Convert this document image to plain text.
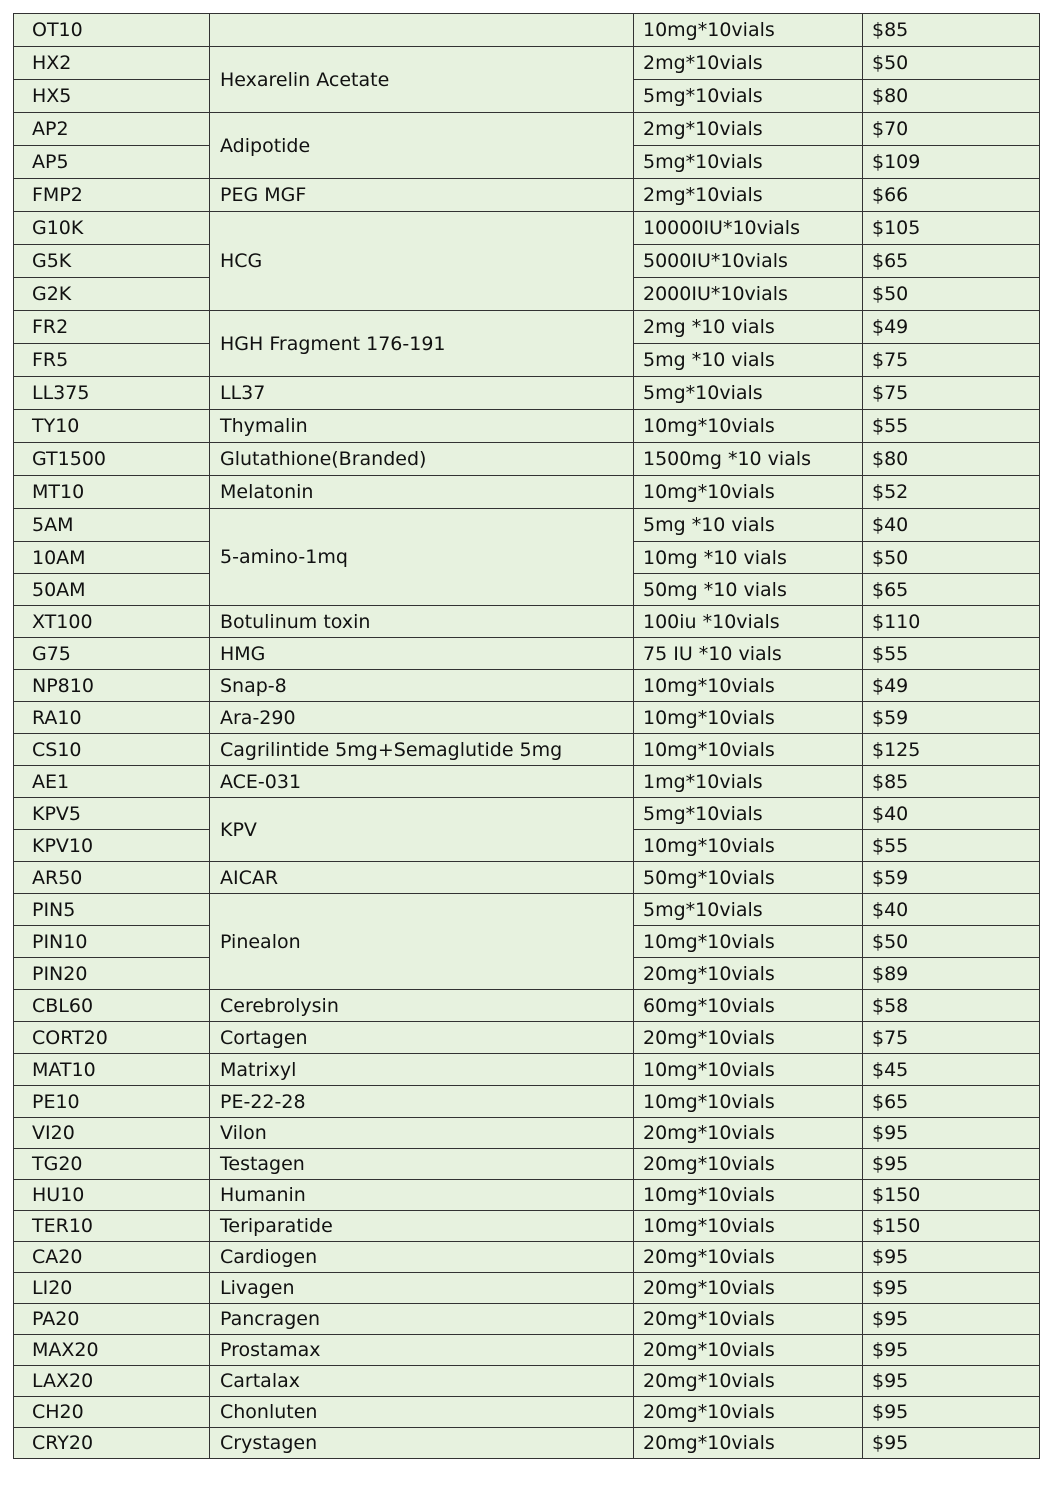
OT10		10mg*10vials	$85
HX2	Hexarelin Acetate	2mg*10vials	$50
HX5		5mg*10vials	$80
AP2	Adipotide	2mg*10vials	$70
AP5		5mg*10vials	$109
FMP2	PEG MGF	2mg*10vials	$66
G10K	HCG	10000IU*10vials	$105
G5K		5000IU*10vials	$65
G2K		2000IU*10vials	$50
FR2	HGH Fragment 176-191	2mg *10 vials	$49
FR5		5mg *10 vials	$75
LL375	LL37	5mg*10vials	$75
TY10	Thymalin	10mg*10vials	$55
GT1500	Glutathione(Branded)	1500mg *10 vials	$80
MT10	Melatonin	10mg*10vials	$52
5AM	5-amino-1mq	5mg *10 vials	$40
10AM		10mg *10 vials	$50
50AM		50mg *10 vials	$65
XT100	Botulinum toxin	100iu *10vials	$110
G75	HMG	75 IU *10 vials	$55
NP810	Snap-8	10mg*10vials	$49
RA10	Ara-290	10mg*10vials	$59
CS10	Cagrilintide 5mg+Semaglutide 5mg	10mg*10vials	$125
AE1	ACE-031	1mg*10vials	$85
KPV5	KPV	5mg*10vials	$40
KPV10		10mg*10vials	$55
AR50	AICAR	50mg*10vials	$59
PIN5	Pinealon	5mg*10vials	$40
PIN10		10mg*10vials	$50
PIN20		20mg*10vials	$89
CBL60	Cerebrolysin	60mg*10vials	$58
CORT20	Cortagen	20mg*10vials	$75
MAT10	Matrixyl	10mg*10vials	$45
PE10	PE-22-28	10mg*10vials	$65
VI20	Vilon	20mg*10vials	$95
TG20	Testagen	20mg*10vials	$95
HU10	Humanin	10mg*10vials	$150
TER10	Teriparatide	10mg*10vials	$150
CA20	Cardiogen	20mg*10vials	$95
LI20	Livagen	20mg*10vials	$95
PA20	Pancragen	20mg*10vials	$95
MAX20	Prostamax	20mg*10vials	$95
LAX20	Cartalax	20mg*10vials	$95
CH20	Chonluten	20mg*10vials	$95
CRY20	Crystagen	20mg*10vials	$95
